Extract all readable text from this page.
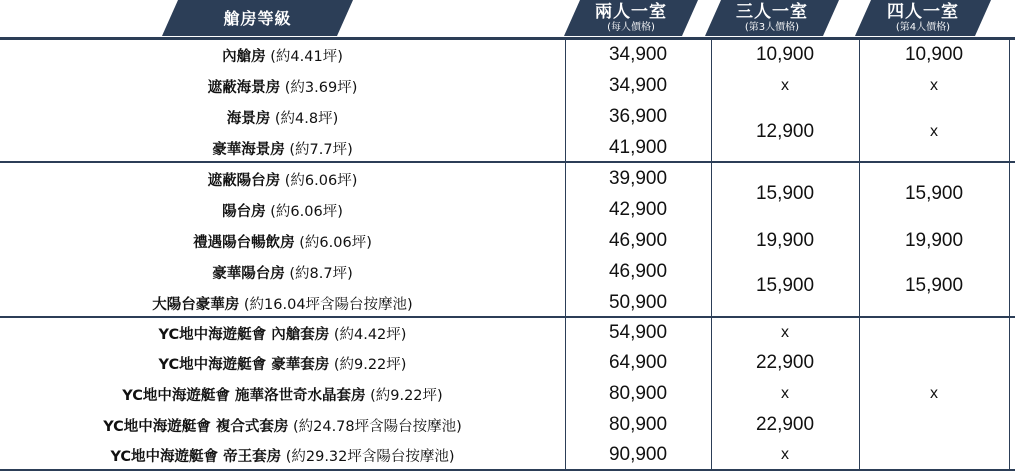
艙房等級	兩人一室
(每人價格)
三人一室
(第3人價格)
四人一室
(第4人價格)
內艙房
(約4.41坪)
遮蔽海景房
(約3.69坪)
海景房
(約4.8坪)
豪華海景房
(約7.7坪)
遮蔽陽台房
(約6.06坪)
陽台房
(約6.06坪)
禮遇陽台暢飲房
(約6.06坪)
豪華陽台房
(約8.7坪)
大陽台豪華房
(約16.04坪含陽台按摩池)
YC地中海遊艇會 內艙套房
(約4.42坪)
YC地中海遊艇會 豪華套房
(約9.22坪)
YC地中海遊艇會 施華洛世奇水晶套房
(約9.22坪)
YC地中海遊艇會 複合式套房
(約24.78坪含陽台按摩池)
YC地中海遊艇會 帝王套房
(約29.32坪含陽台按摩池)
34,900
34,900
36,900
41,900
39,900
42,900
46,900
46,900
50,900
54,900
64,900
80,900
80,900
90,900
10,900
x
12,900
15,900
19,900
15,900
x
22,900
x
22,900
x
10,900
x
x
15,900
19,900
15,900
x
